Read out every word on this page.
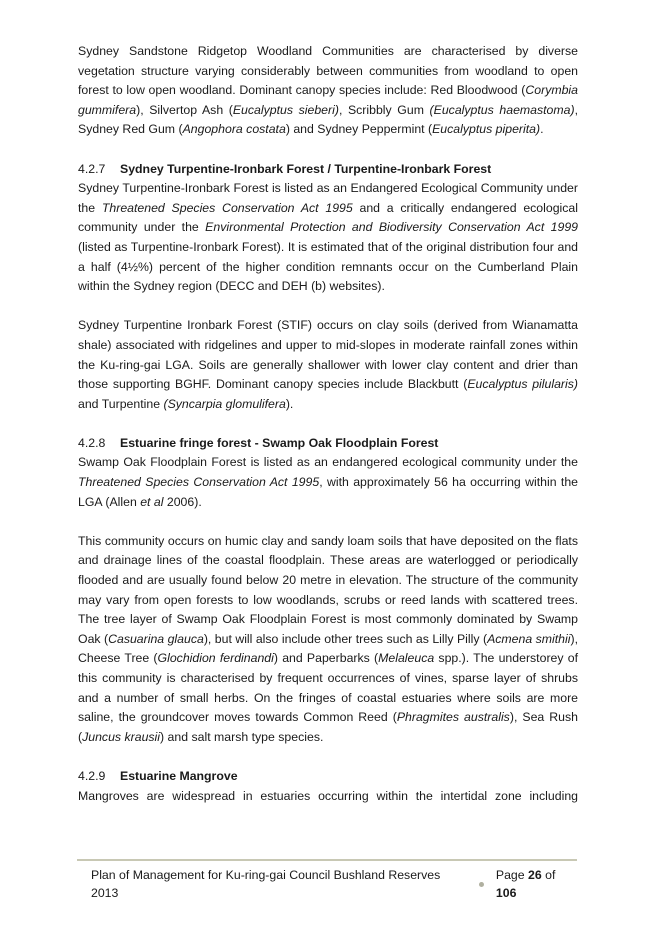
Sydney Sandstone Ridgetop Woodland Communities are characterised by diverse vegetation structure varying considerably between communities from woodland to open forest to low open woodland. Dominant canopy species include: Red Bloodwood (Corymbia gummifera), Silvertop Ash (Eucalyptus sieberi), Scribbly Gum (Eucalyptus haemastoma), Sydney Red Gum (Angophora costata) and Sydney Peppermint (Eucalyptus piperita).

4.2.7 Sydney Turpentine-Ironbark Forest / Turpentine-Ironbark Forest

Sydney Turpentine-Ironbark Forest is listed as an Endangered Ecological Community under the Threatened Species Conservation Act 1995 and a critically endangered ecological community under the Environmental Protection and Biodiversity Conservation Act 1999 (listed as Turpentine-Ironbark Forest). It is estimated that of the original distribution four and a half (4½%) percent of the higher condition remnants occur on the Cumberland Plain within the Sydney region (DECC and DEH (b) websites).

Sydney Turpentine Ironbark Forest (STIF) occurs on clay soils (derived from Wianamatta shale) associated with ridgelines and upper to mid-slopes in moderate rainfall zones within the Ku-ring-gai LGA. Soils are generally shallower with lower clay content and drier than those supporting BGHF. Dominant canopy species include Blackbutt (Eucalyptus pilularis) and Turpentine (Syncarpia glomulifera).

4.2.8 Estuarine fringe forest - Swamp Oak Floodplain Forest

Swamp Oak Floodplain Forest is listed as an endangered ecological community under the Threatened Species Conservation Act 1995, with approximately 56 ha occurring within the LGA (Allen et al 2006).

This community occurs on humic clay and sandy loam soils that have deposited on the flats and drainage lines of the coastal floodplain. These areas are waterlogged or periodically flooded and are usually found below 20 metre in elevation. The structure of the community may vary from open forests to low woodlands, scrubs or reed lands with scattered trees. The tree layer of Swamp Oak Floodplain Forest is most commonly dominated by Swamp Oak (Casuarina glauca), but will also include other trees such as Lilly Pilly (Acmena smithii), Cheese Tree (Glochidion ferdinandi) and Paperbarks (Melaleuca spp.). The understorey of this community is characterised by frequent occurrences of vines, sparse layer of shrubs and a number of small herbs. On the fringes of coastal estuaries where soils are more saline, the groundcover moves towards Common Reed (Phragmites australis), Sea Rush (Juncus krausii) and salt marsh type species.

4.2.9 Estuarine Mangrove

Mangroves are widespread in estuaries occurring within the intertidal zone including

Plan of Management for Ku-ring-gai Council Bushland Reserves 2013
Page 26 of 106
